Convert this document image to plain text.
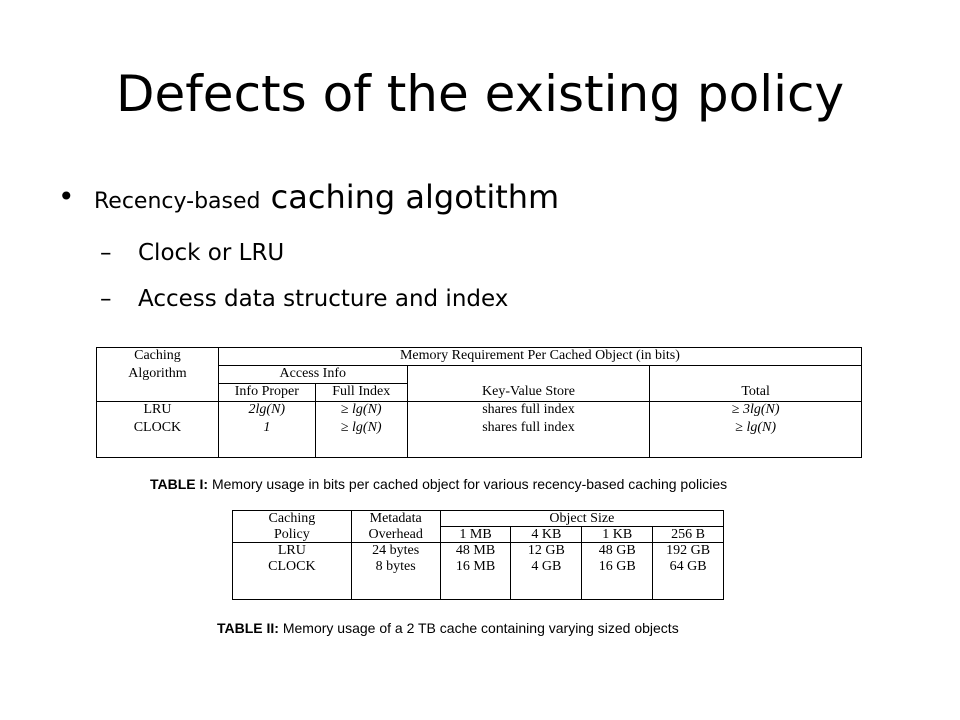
Defects of the existing policy
• Recency-based caching algotithm
– Clock or LRU
– Access data structure and index
Caching	Memory Requirement Per Cached Object (in bits)			
Algorithm	Access Info			
	Info Proper	Full Index	Key-Value Store	Total
LRU	2lg(N)	≥ lg(N)	shares full index	≥ 3lg(N)
CLOCK	1	≥ lg(N)	shares full index	≥ lg(N)

TABLE I: Memory usage in bits per cached object for various recency-based caching policies
Caching	Metadata	Object Size			
Policy	Overhead	1 MB	4 KB	1 KB	256 B
LRU	24 bytes	48 MB	12 GB	48 GB	192 GB
CLOCK	8 bytes	16 MB	4 GB	16 GB	64 GB

TABLE II: Memory usage of a 2 TB cache containing varying sized objects
